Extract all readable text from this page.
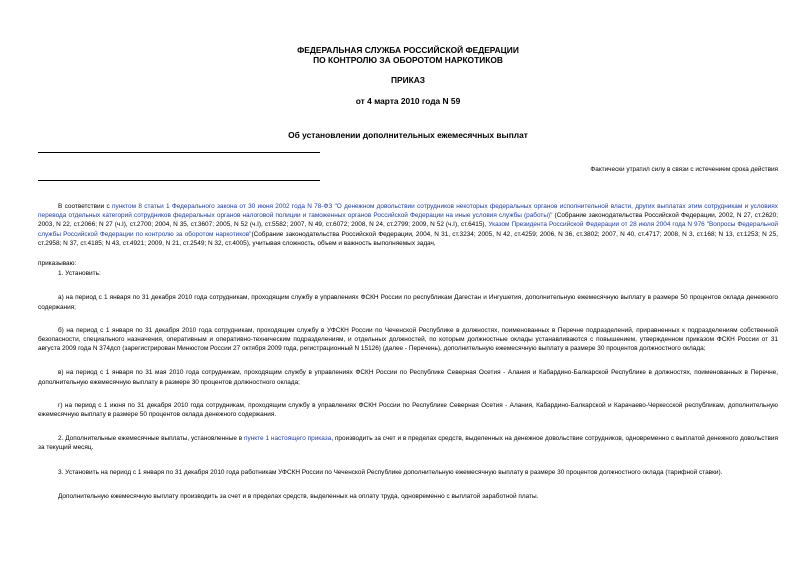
ФЕДЕРАЛЬНАЯ СЛУЖБА РОССИЙСКОЙ ФЕДЕРАЦИИ
ПО КОНТРОЛЮ ЗА ОБОРОТОМ НАРКОТИКОВ
ПРИКАЗ
от 4 марта 2010 года N 59
Об установлении дополнительных ежемесячных выплат
Фактически утратил силу в связи с истечением срока действия

В соответствии с пунктом 8 статьи 1 Федерального закона от 30 июня 2002 года N 78-ФЗ "О денежном довольствии сотрудников некоторых федеральных органов исполнительной власти, других выплатах этим сотрудникам и условиях перевода отдельных категорий сотрудников федеральных органов налоговой полиции и таможенных органов Российской Федерации на иные условия службы (работы)" (Собрание законодательства Российской Федерации, 2002, N 27, ст.2620; 2003, N 22, ст.2066; N 27 (ч.I), ст.2700; 2004, N 35, ст.3607; 2005, N 52 (ч.I), ст.5582; 2007, N 49, ст.6072; 2008, N 24, ст.2799; 2009, N 52 (ч.I), ст.6415), Указом Президента Российской Федерации от 28 июля 2004 года N 976 "Вопросы Федеральной службы Российской Федерации по контролю за оборотом наркотиков"(Собрание законодательства Российской Федерации, 2004, N 31, ст.3234; 2005, N 42, ст.4259; 2006, N 36, ст.3802; 2007, N 40, ст.4717; 2008, N 3, ст.168; N 13, ст.1253; N 25, ст.2958; N 37, ст.4185; N 43, ст.4921; 2009, N 21, ст.2549; N 32, ст.4005), учитывая сложность, объем и важность выполняемых задач,

приказываю:

1. Установить:

а) на период с 1 января по 31 декабря 2010 года сотрудникам, проходящим службу в управлениях ФСКН России по республикам Дагестан и Ингушетия, дополнительную ежемесячную выплату в размере 50 процентов оклада денежного содержания;

б) на период с 1 января по 31 декабря 2010 года сотрудникам, проходящим службу в УФСКН России по Чеченской Республике в должностях, поименованных в Перечне подразделений, приравненных к подразделениям собственной безопасности, специального назначения, оперативным и оперативно-техническим подразделениям, и отдельных должностей, по которым должностные оклады устанавливаются с повышением, утвержденном приказом ФСКН России от 31 августа 2009 года N 374дсп (зарегистрирован Минюстом России 27 октября 2009 года, регистрационный N 15126) (далее - Перечень), дополнительную ежемесячную выплату в размере 30 процентов должностного оклада;

в) на период с 1 января по 31 мая 2010 года сотрудникам, проходящим службу в управлениях ФСКН России по Республике Северная Осетия - Алания и Кабардино-Балкарской Республике в должностях, поименованных в Перечне, дополнительную ежемесячную выплату в размере 30 процентов должностного оклада;

г) на период с 1 июня по 31 декабря 2010 года сотрудникам, проходящим службу в управлениях ФСКН России по Республике Северная Осетия - Алания, Кабардино-Балкарской и Карачаево-Черкесской республикам, дополнительную ежемесячную выплату в размере 50 процентов оклада денежного содержания.

2. Дополнительные ежемесячные выплаты, установленные в пункте 1 настоящего приказа, производить за счет и в пределах средств, выделенных на денежное довольствие сотрудников, одновременно с выплатой денежного довольствия за текущий месяц.

3. Установить на период с 1 января по 31 декабря 2010 года работникам УФСКН России по Чеченской Республике дополнительную ежемесячную выплату в размере 30 процентов должностного оклада (тарифной ставки).

Дополнительную ежемесячную выплату производить за счет и в пределах средств, выделенных на оплату труда, одновременно с выплатой заработной платы.
